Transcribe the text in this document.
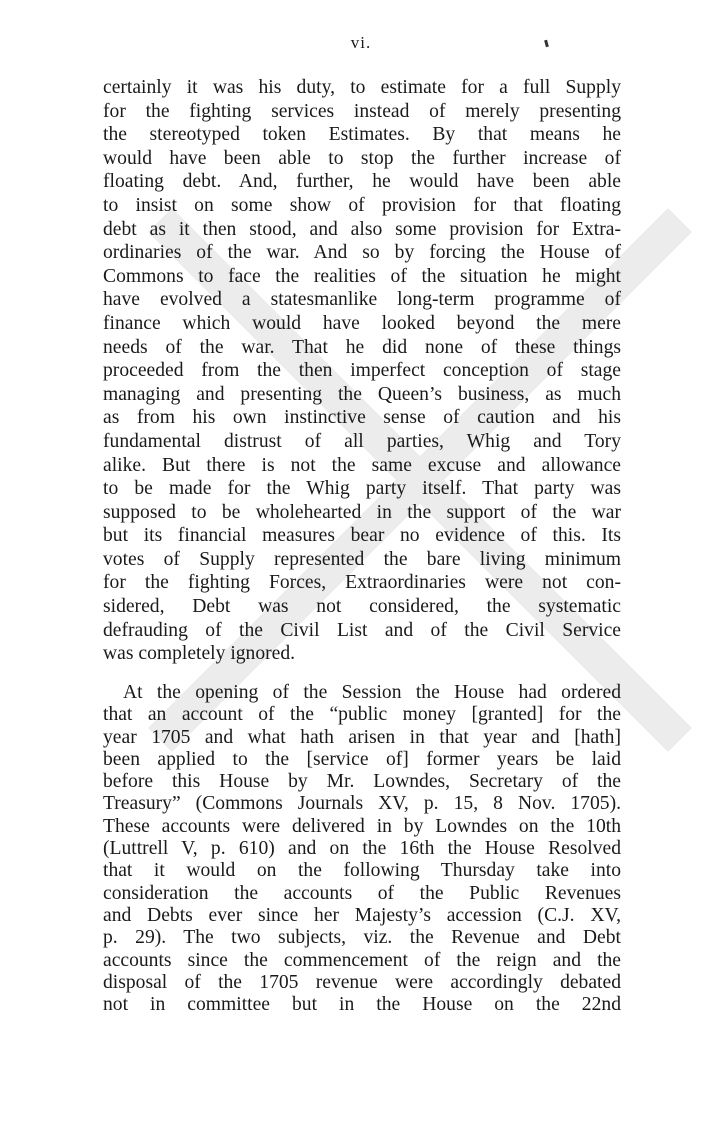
vi.
certainly it was his duty, to estimate for a full Supply
for the fighting services instead of merely presenting
the stereotyped token Estimates. By that means he
would have been able to stop the further increase of
floating debt. And, further, he would have been able
to insist on some show of provision for that floating
debt as it then stood, and also some provision for Extra-
ordinaries of the war. And so by forcing the House of
Commons to face the realities of the situation he might
have evolved a statesmanlike long-term programme of
finance which would have looked beyond the mere
needs of the war. That he did none of these things
proceeded from the then imperfect conception of stage
managing and presenting the Queen’s business, as much
as from his own instinctive sense of caution and his
fundamental distrust of all parties, Whig and Tory
alike. But there is not the same excuse and allowance
to be made for the Whig party itself. That party was
supposed to be wholehearted in the support of the war
but its financial measures bear no evidence of this. Its
votes of Supply represented the bare living minimum
for the fighting Forces, Extraordinaries were not con-
sidered, Debt was not considered, the systematic
defrauding of the Civil List and of the Civil Service
was completely ignored.
At the opening of the Session the House had ordered
that an account of the “public money [granted] for the
year 1705 and what hath arisen in that year and [hath]
been applied to the [service of] former years be laid
before this House by Mr. Lowndes, Secretary of the
Treasury” (Commons Journals XV, p. 15, 8 Nov. 1705).
These accounts were delivered in by Lowndes on the 10th
(Luttrell V, p. 610) and on the 16th the House Resolved
that it would on the following Thursday take into
consideration the accounts of the Public Revenues
and Debts ever since her Majesty’s accession (C.J. XV,
p. 29). The two subjects, viz. the Revenue and Debt
accounts since the commencement of the reign and the
disposal of the 1705 revenue were accordingly debated
not in committee but in the House on the 22nd
